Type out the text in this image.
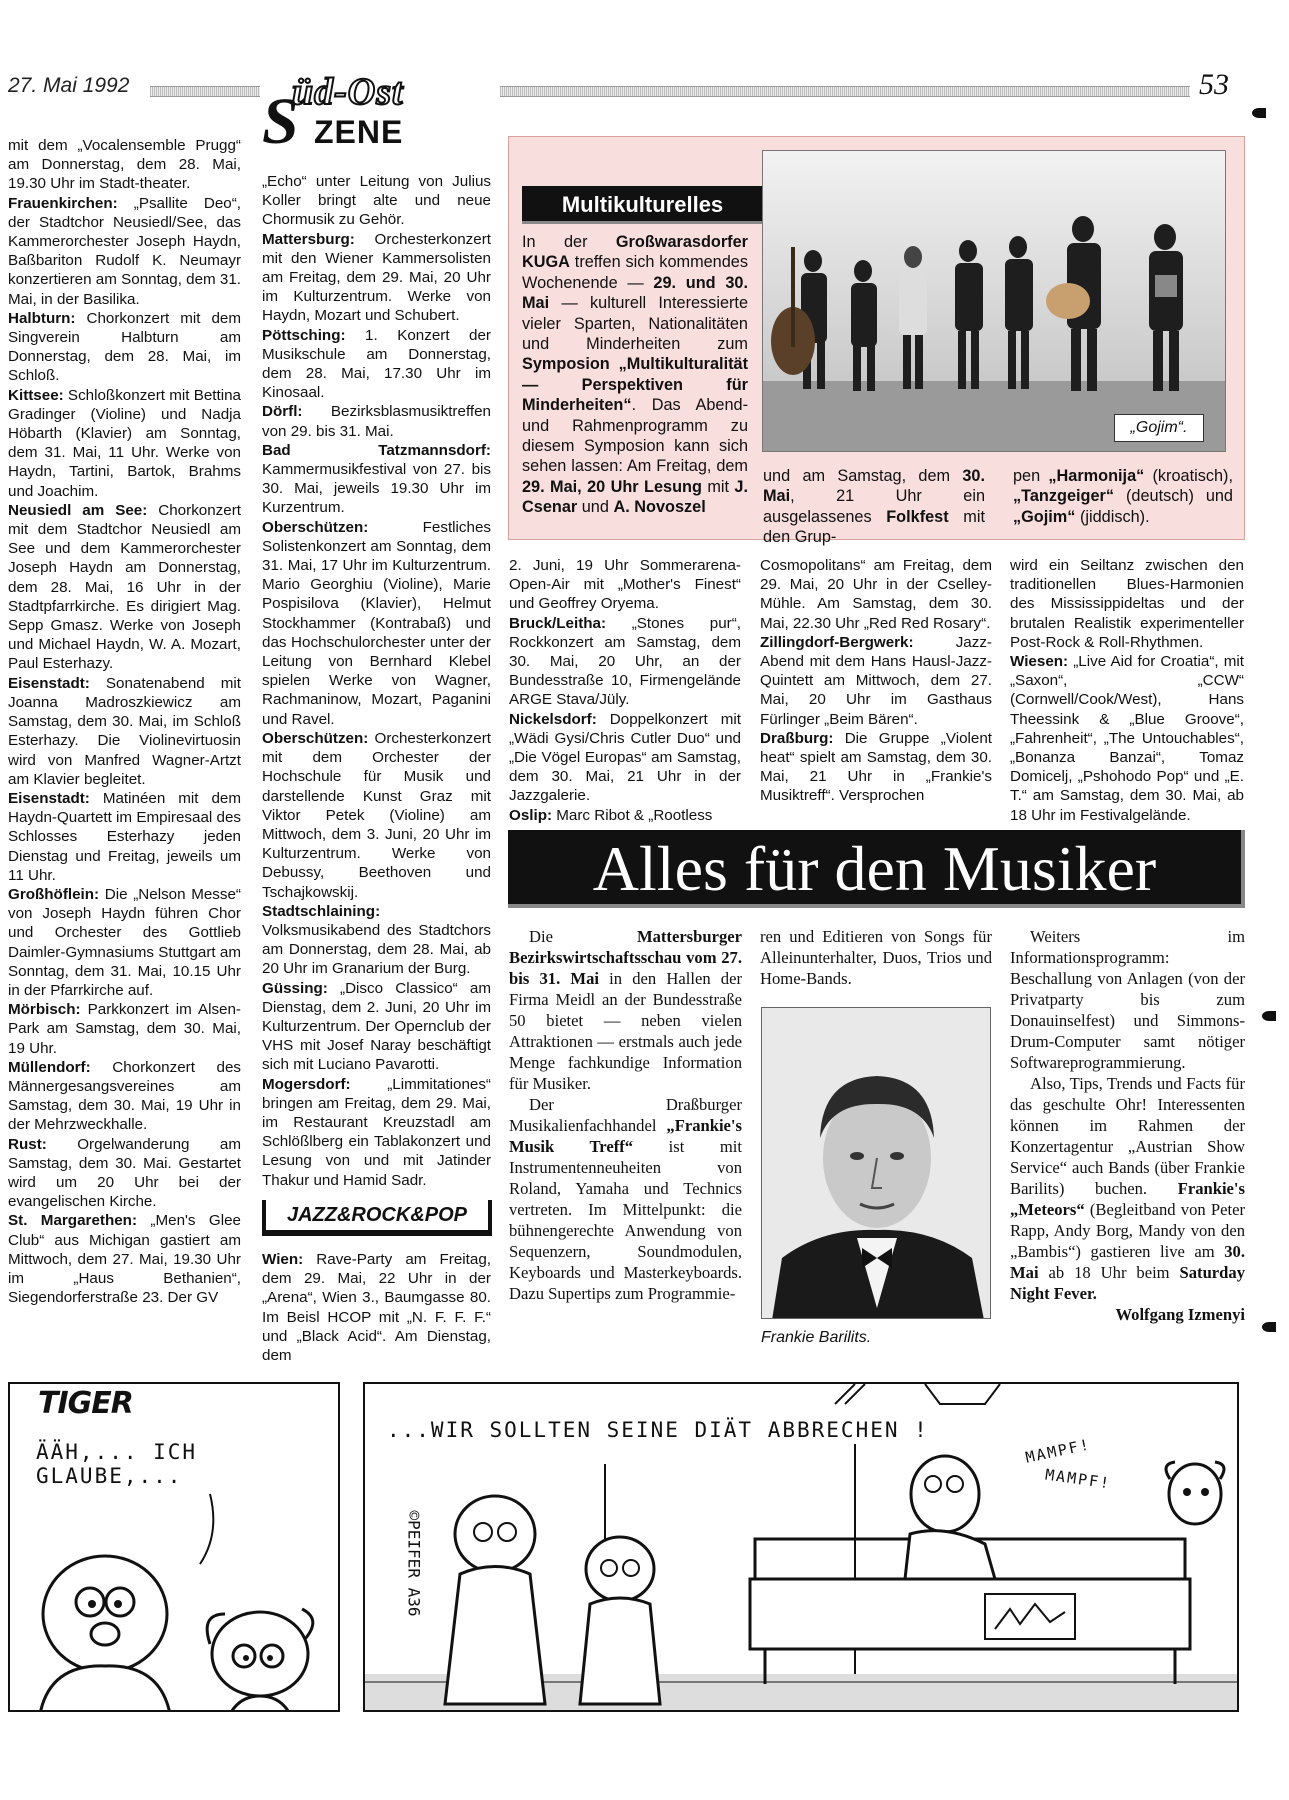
27. Mai 1992	53
S
üd-Ost
ZENE

mit dem „Vocalensemble Prugg“ am Donnerstag, dem 28. Mai, 19.30 Uhr im Stadt-theater.

Frauenkirchen: „Psallite Deo“, der Stadtchor Neusiedl/See, das Kammerorchester Joseph Haydn, Baßbariton Rudolf K. Neumayr konzertieren am Sonntag, dem 31. Mai, in der Basilika.

Halbturn: Chorkonzert mit dem Singverein Halbturn am Donnerstag, dem 28. Mai, im Schloß.

Kittsee: Schloßkonzert mit Bettina Gradinger (Violine) und Nadja Höbarth (Klavier) am Sonntag, dem 31. Mai, 11 Uhr. Werke von Haydn, Tartini, Bartok, Brahms und Joachim.

Neusiedl am See: Chorkonzert mit dem Stadtchor Neusiedl am See und dem Kammerorchester Joseph Haydn am Donnerstag, dem 28. Mai, 16 Uhr in der Stadtpfarrkirche. Es dirigiert Mag. Sepp Gmasz. Werke von Joseph und Michael Haydn, W. A. Mozart, Paul Esterhazy.

Eisenstadt: Sonatenabend mit Joanna Madroszkiewicz am Samstag, dem 30. Mai, im Schloß Esterhazy. Die Violinevirtuosin wird von Manfred Wagner-Artzt am Klavier begleitet.

Eisenstadt: Matinéen mit dem Haydn-Quartett im Empiresaal des Schlosses Esterhazy jeden Dienstag und Freitag, jeweils um 11 Uhr.

Großhöflein: Die „Nelson Messe“ von Joseph Haydn führen Chor und Orchester des Gottlieb Daimler-Gymnasiums Stuttgart am Sonntag, dem 31. Mai, 10.15 Uhr in der Pfarrkirche auf.

Mörbisch: Parkkonzert im Alsen-Park am Samstag, dem 30. Mai, 19 Uhr.

Müllendorf: Chorkonzert des Männergesangsvereines am Samstag, dem 30. Mai, 19 Uhr in der Mehrzweckhalle.

Rust: Orgelwanderung am Samstag, dem 30. Mai. Gestartet wird um 20 Uhr bei der evangelischen Kirche.

St. Margarethen: „Men's Glee Club“ aus Michigan gastiert am Mittwoch, dem 27. Mai, 19.30 Uhr im „Haus Bethanien“, Siegendorferstraße 23. Der GV

„Echo“ unter Leitung von Julius Koller bringt alte und neue Chormusik zu Gehör.

Mattersburg: Orchesterkonzert mit den Wiener Kammersolisten am Freitag, dem 29. Mai, 20 Uhr im Kulturzentrum. Werke von Haydn, Mozart und Schubert.

Pöttsching: 1. Konzert der Musikschule am Donnerstag, dem 28. Mai, 17.30 Uhr im Kinosaal.

Dörfl: Bezirksblasmusiktreffen von 29. bis 31. Mai.

Bad Tatzmannsdorf: Kammermusikfestival von 27. bis 30. Mai, jeweils 19.30 Uhr im Kurzentrum.

Oberschützen: Festliches Solistenkonzert am Sonntag, dem 31. Mai, 17 Uhr im Kulturzentrum. Mario Georghiu (Violine), Marie Pospisilova (Klavier), Helmut Stockhammer (Kontrabaß) und das Hochschulorchester unter der Leitung von Bernhard Klebel spielen Werke von Wagner, Rachmaninow, Mozart, Paganini und Ravel.

Oberschützen: Orchesterkonzert mit dem Orchester der Hochschule für Musik und darstellende Kunst Graz mit Viktor Petek (Violine) am Mittwoch, dem 3. Juni, 20 Uhr im Kulturzentrum. Werke von Debussy, Beethoven und Tschajkowskij.

Stadtschlaining: Volksmusikabend des Stadtchors am Donnerstag, dem 28. Mai, ab 20 Uhr im Granarium der Burg.

Güssing: „Disco Classico“ am Dienstag, dem 2. Juni, 20 Uhr im Kulturzentrum. Der Opernclub der VHS mit Josef Naray beschäftigt sich mit Luciano Pavarotti.

Mogersdorf: „Limmitationes“ bringen am Freitag, dem 29. Mai, im Restaurant Kreuzstadl am Schlößlberg ein Tablakonzert und Lesung von und mit Jatinder Thakur und Hamid Sadr.

JAZZ&ROCK&POP

Wien: Rave-Party am Freitag, dem 29. Mai, 22 Uhr in der „Arena“, Wien 3., Baumgasse 80. Im Beisl HCOP mit „N. F. F. F.“ und „Black Acid“. Am Dienstag, dem

Multikulturelles
In der Großwarasdorfer KUGA treffen sich kommendes Wochenende — 29. und 30. Mai — kulturell Interessierte vieler Sparten, Nationalitäten und Minderheiten zum Symposion „Multikulturalität — Perspektiven für Minderheiten“. Das Abend- und Rahmenprogramm zu diesem Symposion kann sich sehen lassen: Am Freitag, dem 29. Mai, 20 Uhr Lesung mit J. Csenar und A. Novoszel
„Gojim“.
und am Samstag, dem 30. Mai, 21 Uhr ein ausgelassenes Folkfest mit den Grup-
pen „Harmonija“ (kroatisch), „Tanzgeiger“ (deutsch) und „Gojim“ (jiddisch).

2. Juni, 19 Uhr Sommerarena-Open-Air mit „Mother's Finest“ und Geoffrey Oryema.

Bruck/Leitha: „Stones pur“, Rockkonzert am Samstag, dem 30. Mai, 20 Uhr, an der Bundesstraße 10, Firmengelände ARGE Stava/Jüly.

Nickelsdorf: Doppelkonzert mit „Wädi Gysi/Chris Cutler Duo“ und „Die Vögel Europas“ am Samstag, dem 30. Mai, 21 Uhr in der Jazzgalerie.

Oslip: Marc Ribot & „Rootless

Cosmopolitans“ am Freitag, dem 29. Mai, 20 Uhr in der Cselley-Mühle. Am Samstag, dem 30. Mai, 22.30 Uhr „Red Red Rosary“.

Zillingdorf-Bergwerk: Jazz-Abend mit dem Hans Hausl-Jazz-Quintett am Mittwoch, dem 27. Mai, 20 Uhr im Gasthaus Fürlinger „Beim Bären“.

Draßburg: Die Gruppe „Violent heat“ spielt am Samstag, dem 30. Mai, 21 Uhr in „Frankie's Musiktreff“. Versprochen

wird ein Seiltanz zwischen den traditionellen Blues-Harmonien des Mississippideltas und der brutalen Realistik experimenteller Post-Rock & Roll-Rhythmen.

Wiesen: „Live Aid for Croatia“, mit „Saxon“, „CCW“ (Cornwell/Cook/West), Hans Theessink & „Blue Groove“, „Fahrenheit“, „The Untouchables“, „Bonanza Banzai“, Tomaz Domicelj, „Pshohodo Pop“ und „E. T.“ am Samstag, dem 30. Mai, ab 18 Uhr im Festivalgelände.

Alles für den Musiker

Die Mattersburger Bezirkswirtschaftsschau vom 27. bis 31. Mai in den Hallen der Firma Meidl an der Bundesstraße 50 bietet — neben vielen Attraktionen — erstmals auch jede Menge fachkundige Information für Musiker.

Der Draßburger Musikalienfachhandel „Frankie's Musik Treff“ ist mit Instrumentenneuheiten von Roland, Yamaha und Technics vertreten. Im Mittelpunkt: die bühnengerechte Anwendung von Sequenzern, Soundmodulen, Keyboards und Masterkeyboards. Dazu Supertips zum Programmie-

ren und Editieren von Songs für Alleinunterhalter, Duos, Trios und Home-Bands.

Frankie Barilits.

Weiters im Informationsprogramm: Beschallung von Anlagen (von der Privatparty bis zum Donauinselfest) und Simmons-Drum-Computer samt nötiger Softwareprogrammierung.

Also, Tips, Trends und Facts für das geschulte Ohr! Interessenten können im Rahmen der Konzertagentur „Austrian Show Service“ auch Bands (über Frankie Barilits) buchen. Frankie's „Meteors“ (Begleitband von Peter Rapp, Andy Borg, Mandy von den „Bambis“) gastieren live am 30. Mai ab 18 Uhr beim Saturday Night Fever.
Wolfgang Izmenyi

TIGER
ÄÄH,... ICH GLAUBE,...
...WIR SOLLTEN SEINE DIÄT ABBRECHEN !
MAMPF!
MAMPF!
©PEIFER A36
